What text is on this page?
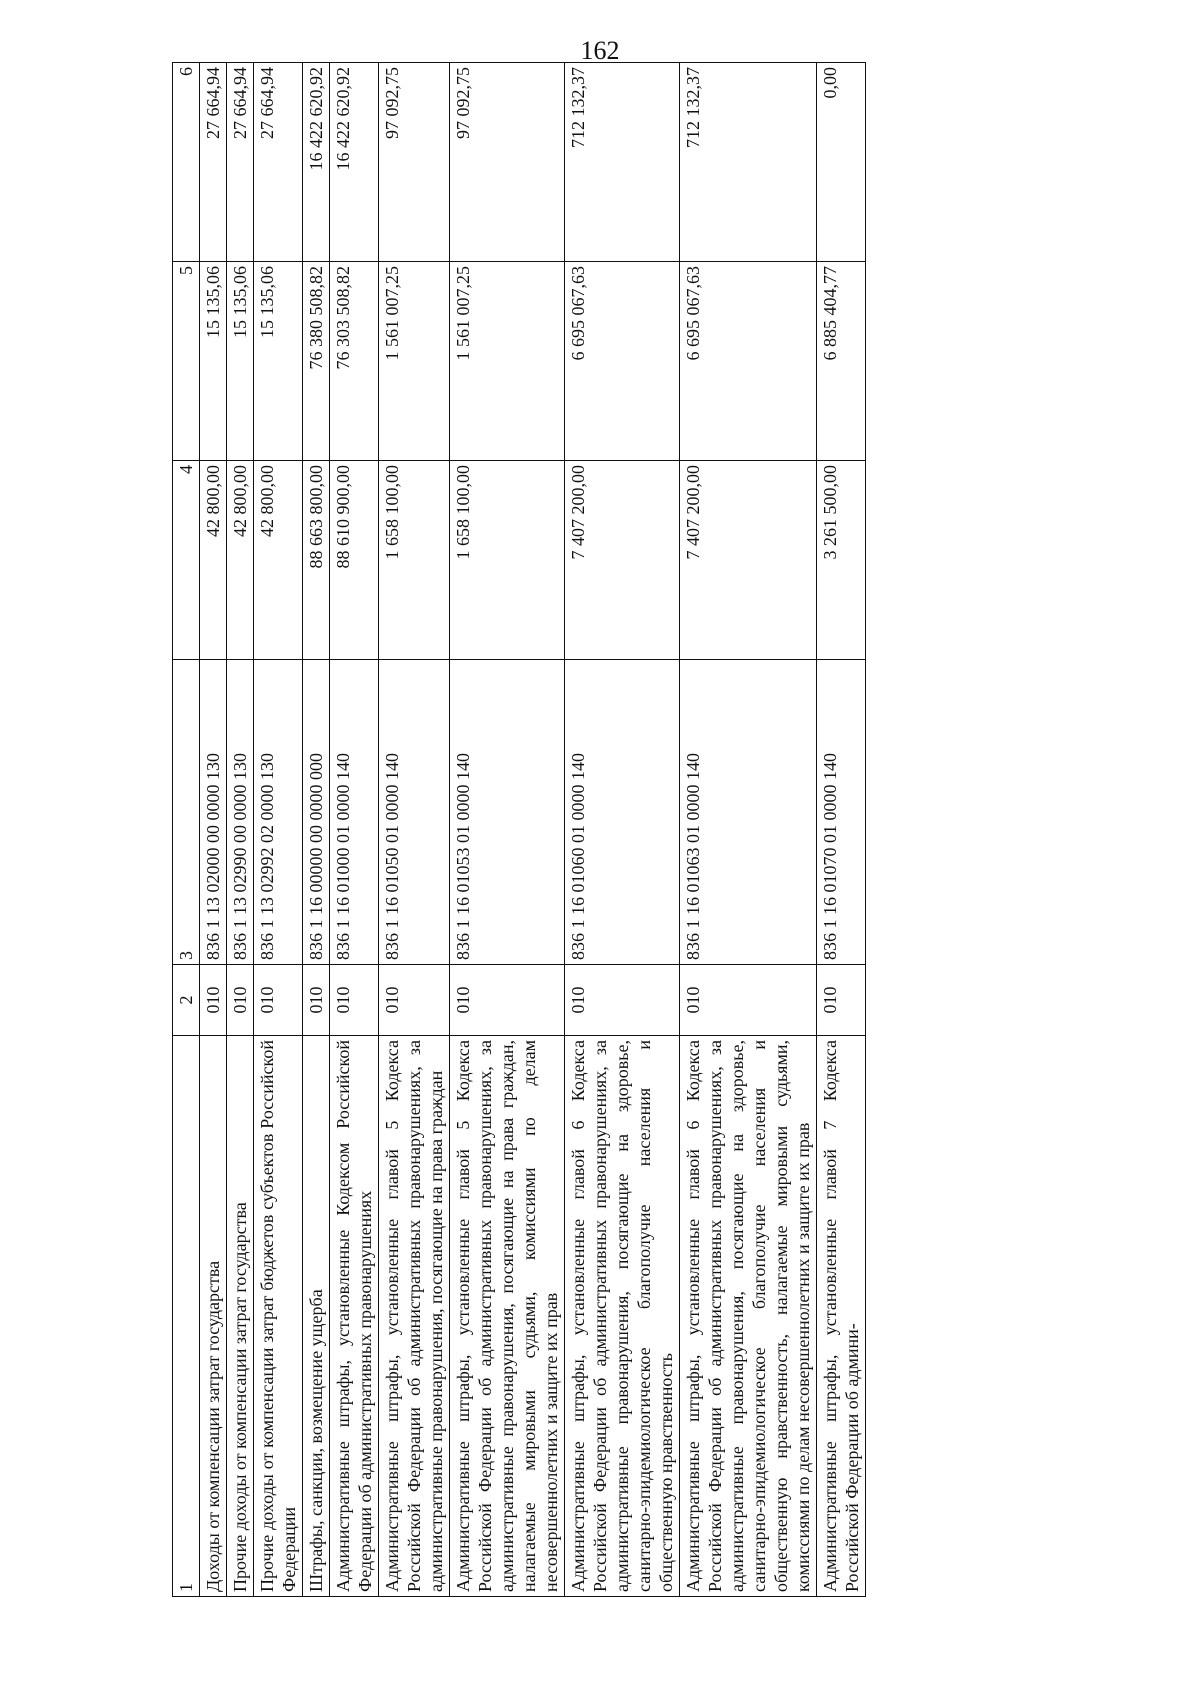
162
1	2	3	4	5	6
Доходы от компенсации затрат государства	010	836 1 13 02000 00 0000 130	42 800,00	15 135,06	27 664,94
Прочие доходы от компенсации затрат государства	010	836 1 13 02990 00 0000 130	42 800,00	15 135,06	27 664,94
Прочие доходы от компенсации затрат бюджетов субъектов Российской Федерации	010	836 1 13 02992 02 0000 130	42 800,00	15 135,06	27 664,94
Штрафы, санкции, возмещение ущерба	010	836 1 16 00000 00 0000 000	88 663 800,00	76 380 508,82	16 422 620,92
Административные штрафы, установленные Кодексом Российской Федерации об административных правонарушениях	010	836 1 16 01000 01 0000 140	88 610 900,00	76 303 508,82	16 422 620,92
Административные штрафы, установленные главой 5 Кодекса Российской Федерации об административных правонарушениях, за административные правонарушения, посягающие на права граждан	010	836 1 16 01050 01 0000 140	1 658 100,00	1 561 007,25	97 092,75
Административные штрафы, установленные главой 5 Кодекса Российской Федерации об административных правонарушениях, за административные правонарушения, посягающие на права граждан, налагаемые мировыми судьями, комиссиями по делам несовершеннолетних и защите их прав	010	836 1 16 01053 01 0000 140	1 658 100,00	1 561 007,25	97 092,75
Административные штрафы, установленные главой 6 Кодекса Российской Федерации об административных правонарушениях, за административные правонарушения, посягающие на здоровье, санитарно-эпидемиологическое благополучие населения и общественную нравственность	010	836 1 16 01060 01 0000 140	7 407 200,00	6 695 067,63	712 132,37
Административные штрафы, установленные главой 6 Кодекса Российской Федерации об административных правонарушениях, за административные правонарушения, посягающие на здоровье, санитарно-эпидемиологическое благополучие населения и общественную нравственность, налагаемые мировыми судьями, комиссиями по делам несовершеннолетних и защите их прав	010	836 1 16 01063 01 0000 140	7 407 200,00	6 695 067,63	712 132,37
Административные штрафы, установленные главой 7 Кодекса Российской Федерации об админи-	010	836 1 16 01070 01 0000 140	3 261 500,00	6 885 404,77	0,00
